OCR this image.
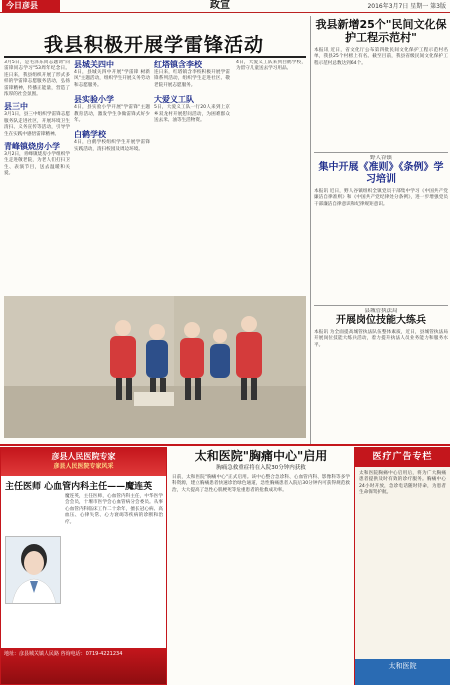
今日彦县	政宣	2016年3月7日 星期一 第3版
我县积极开展学雷锋活动
3月5日，是毛泽东同志题词"向雷锋同志学习"53周年纪念日。连日来，我县组织开展了形式多样的学雷锋志愿服务活动，弘扬雷锋精神，传播正能量，营造了浓厚的社会氛围。
县三中
3月1日，县三中组织学雷锋志愿服务队走进社区，开展环境卫生清扫、义务宣传等活动，引导学生在实践中感悟雷锋精神。
青峰镇烧房小学
3月2日，青峰镇烧房小学组织学生走进敬老院，为老人们打扫卫生、表演节目，送去温暖和关爱。
县城关四中
4日，县城关四中开展"学雷锋 树新风"主题活动，组织学生开展义务劳动和志愿服务。
县实验小学
4日，县实验小学开展"学雷锋"主题教育活动，激发学生争做雷锋式好少年。
白鹤学校
4日，白鹤学校组织学生开展学雷锋实践活动，清扫校园及周边环境。
红塔镇含李校
连日来，红塔镇含李校积极开展学雷锋系列活动，组织学生走进社区、敬老院开展志愿服务。
大爱义工队
5日，大爱义工队一行20人来到上京乡双龙村开展慰问活动，为困难群众送去米、油等生活物资。
4日，大爱义工队来到白鹤学校，为留守儿童送去学习用品。
我县新增25个"民间文化保护工程示范村"
本报讯 近日，省文化厅公布第四批民间文化保护工程示范村名单，我县25个村榜上有名。截至目前，我县省级民间文化保护工程示范村总数达到64个。
野人谷镇
集中开展《准则》《条例》学习培训
本报讯 近日，野人谷镇组织全镇党员干部集中学习《中国共产党廉洁自律准则》和《中国共产党纪律处分条例》，进一步增强党员干部廉洁自律意识和纪律规矩意识。
县城管执法局
开展岗位技能大练兵
本报讯 为全面提高城管执法队伍整体素质，近日，县城管执法局开展岗位技能大练兵活动，着力提升执法人员业务能力和服务水平。
彦县人民医院专家
彦县人民医院专家风采
主任医师 心血管内科主任——魔连英
魔连英，主任医师，心血管内科主任，中华医学会会员，十堰市医学会心血管病分会委员。从事心血管内科临床工作二十余年，擅长冠心病、高血压、心律失常、心力衰竭等疾病的诊断和治疗。
地址：彦县城关镇人民路 咨询电话：0719-4221234
太和医院"胸痛中心"启用
胸痛急救重症将在入院30分钟内获救
日前，太和医院"胸痛中心"正式启用。该中心整合急诊科、心血管内科、影像科等多学科资源，建立胸痛患者快速诊治绿色通道，急性胸痛患者入院后30分钟内可获得规范救治，大大提高了急性心肌梗死等危重患者的抢救成功率。
医疗广告专栏
太和医院胸痛中心启用后，将为广大胸痛患者提供及时有效的诊疗服务。胸痛中心24小时开放，急诊电话随时待命，为患者生命保驾护航。
太和医院
